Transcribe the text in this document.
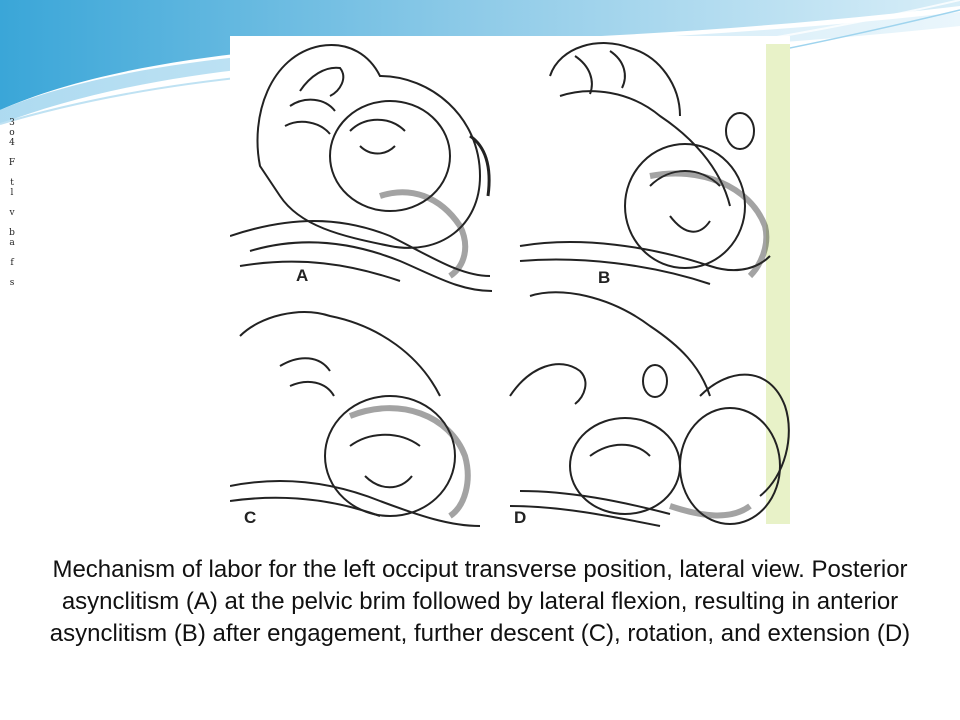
3
o
4
F
t
l
v
b
a
f
s	A	B
C	D
Mechanism of labor for the left occiput transverse position, lateral view. Posterior asynclitism (A) at the pelvic brim followed by lateral flexion, resulting in anterior asynclitism (B) after engagement, further descent (C), rotation, and extension (D)
